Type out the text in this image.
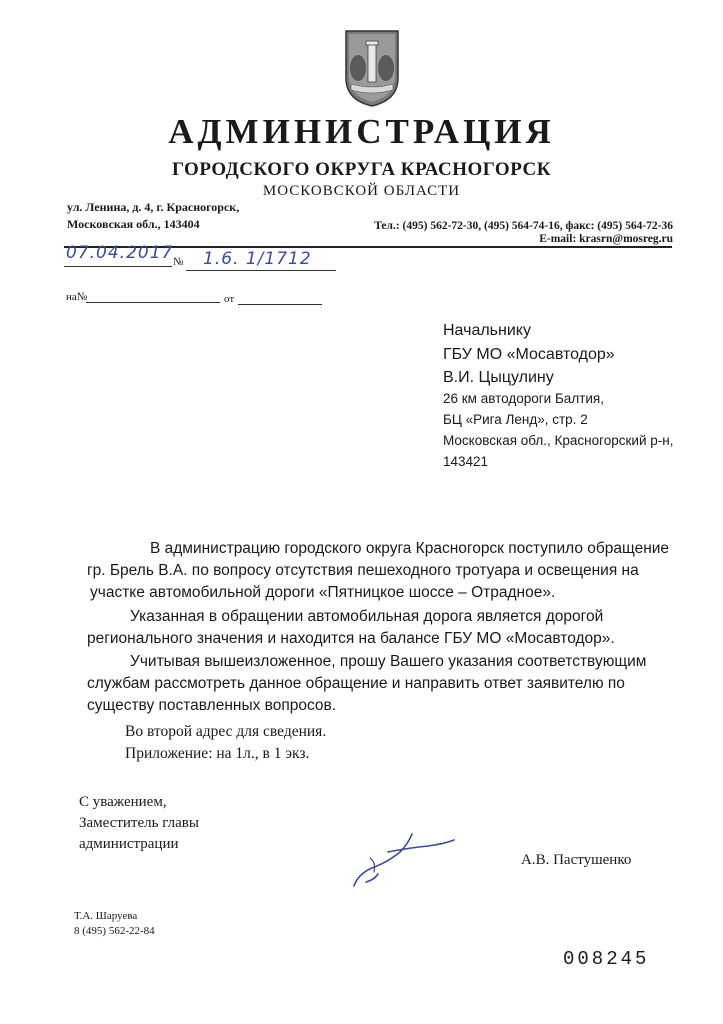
АДМИНИСТРАЦИЯ
ГОРОДСКОГО ОКРУГА КРАСНОГОРСК
МОСКОВСКОЙ ОБЛАСТИ
ул. Ленина, д. 4, г. Красногорск,
Московская обл., 143404	Тел.: (495) 562-72-30, (495) 564-74-16, факс: (495) 564-72-36
E-mail: krasrn@mosreg.ru
07.04.2017 № 1.6. 1/1712
на№	от
Начальнику
ГБУ МО «Мосавтодор»
В.И. Цыцулину
26 км автодороги Балтия,
БЦ «Рига Ленд», стр. 2
Московская обл., Красногорский р-н,
143421
В администрацию городского округа Красногорск поступило обращение
гр. Брель В.А. по вопросу отсутствия пешеходного тротуара и освещения на
участке автомобильной дороги «Пятницкое шоссе – Отрадное».
Указанная в обращении автомобильная дорога является дорогой
регионального значения и находится на балансе ГБУ МО «Мосавтодор».
Учитывая вышеизложенное, прошу Вашего указания соответствующим
службам рассмотреть данное обращение и направить ответ заявителю по
существу поставленных вопросов.
Во второй адрес для сведения.
Приложение: на 1л., в 1 экз.
С уважением,
Заместитель главы
администрации
А.В. Пастушенко
Т.А. Шаруева
8 (495) 562-22-84
008245
